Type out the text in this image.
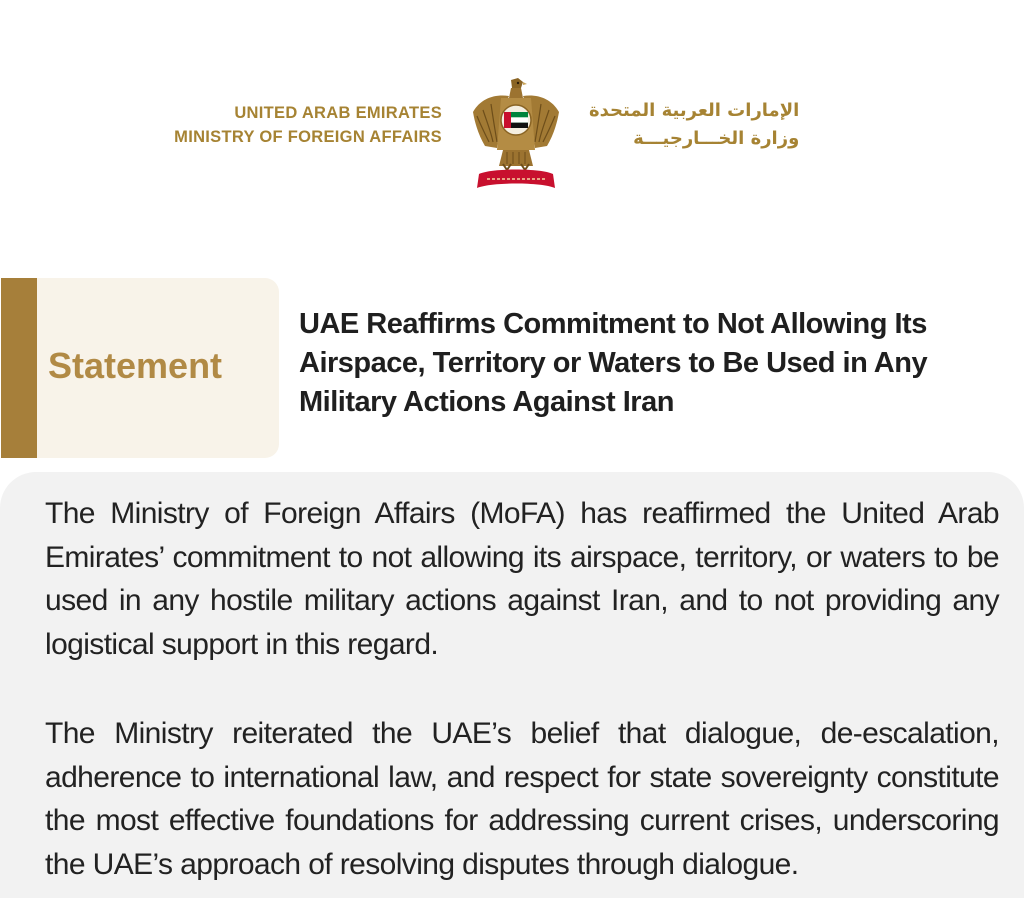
UNITED ARAB EMIRATES
MINISTRY OF FOREIGN AFFAIRS
الإمارات العربية المتحدة
وزارة الخـــارجيـــة
Statement
UAE Reaffirms Commitment to Not Allowing Its Airspace, Territory or Waters to Be Used in Any Military Actions Against Iran
The Ministry of Foreign Affairs (MoFA) has reaffirmed the United Arab Emirates’ commitment to not allowing its airspace, territory, or waters to be used in any hostile military actions against Iran, and to not providing any logistical support in this regard.
The Ministry reiterated the UAE’s belief that dialogue, de-escalation, adherence to international law, and respect for state sovereignty constitute the most effective foundations for addressing current crises, underscoring the UAE’s approach of resolving disputes through dialogue.
